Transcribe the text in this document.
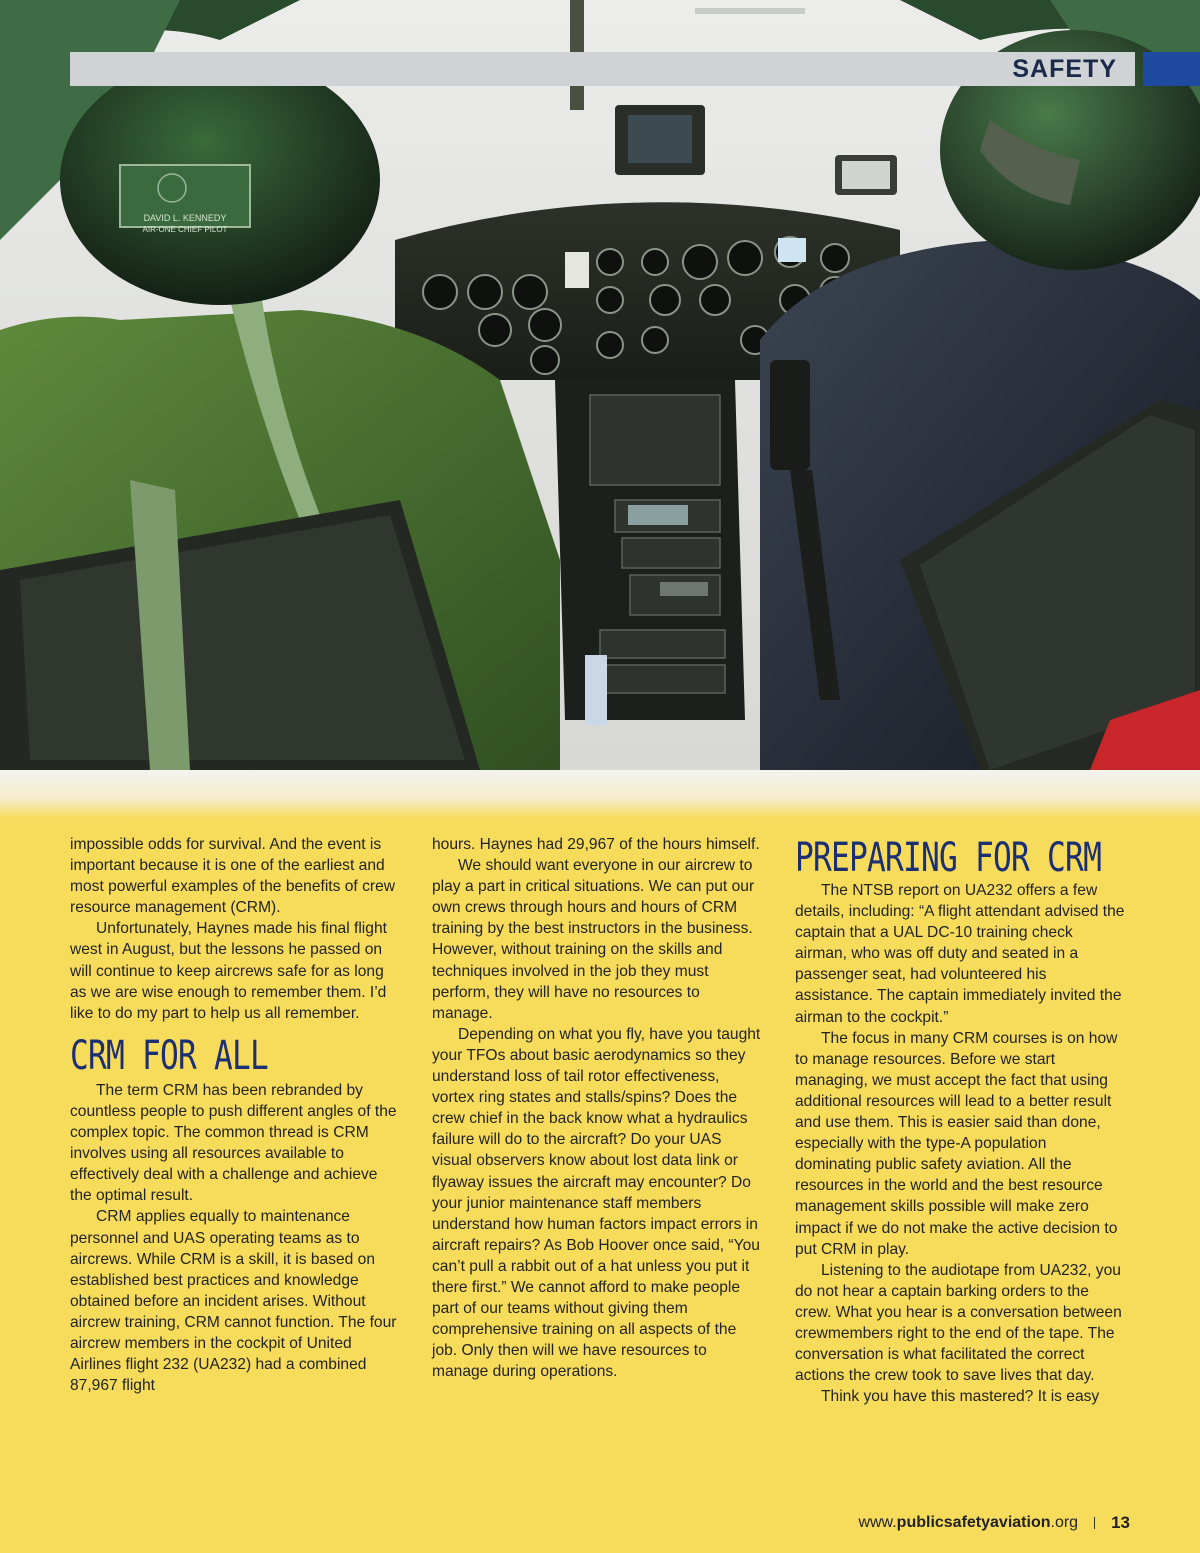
DAVID L. KENNEDY
AIR-ONE CHIEF PILOT
SAFETY

impossible odds for survival. And the event is important because it is one of the earliest and most powerful examples of the benefits of crew resource management (CRM).

Unfortunately, Haynes made his final flight west in August, but the lessons he passed on will continue to keep aircrews safe for as long as we are wise enough to remember them. I’d like to do my part to help us all remember.

CRM FOR ALL

The term CRM has been rebranded by countless people to push different angles of the complex topic. The common thread is CRM involves using all resources available to effectively deal with a challenge and achieve the optimal result.

CRM applies equally to maintenance personnel and UAS operating teams as to aircrews. While CRM is a skill, it is based on established best practices and knowledge obtained before an incident arises. Without aircrew training, CRM cannot function. The four aircrew members in the cockpit of United Airlines flight 232 (UA232) had a combined 87,967 flight

hours. Haynes had 29,967 of the hours himself.

We should want everyone in our aircrew to play a part in critical situations. We can put our own crews through hours and hours of CRM training by the best instructors in the business. However, without training on the skills and techniques involved in the job they must perform, they will have no resources to manage.

Depending on what you fly, have you taught your TFOs about basic aerodynamics so they understand loss of tail rotor effectiveness, vortex ring states and stalls/spins? Does the crew chief in the back know what a hydraulics failure will do to the aircraft? Do your UAS visual observers know about lost data link or flyaway issues the aircraft may encounter? Do your junior maintenance staff members understand how human factors impact errors in aircraft repairs? As Bob Hoover once said, “You can’t pull a rabbit out of a hat unless you put it there first.” We cannot afford to make people part of our teams without giving them comprehensive training on all aspects of the job. Only then will we have resources to manage during operations.

PREPARING FOR CRM

The NTSB report on UA232 offers a few details, including: “A flight attendant advised the captain that a UAL DC-10 training check airman, who was off duty and seated in a passenger seat, had volunteered his assistance. The captain immediately invited the airman to the cockpit.”

The focus in many CRM courses is on how to manage resources. Before we start managing, we must accept the fact that using additional resources will lead to a better result and use them. This is easier said than done, especially with the type-A population dominating public safety aviation. All the resources in the world and the best resource management skills possible will make zero impact if we do not make the active decision to put CRM in play.

Listening to the audiotape from UA232, you do not hear a captain barking orders to the crew. What you hear is a conversation between crewmembers right to the end of the tape. The conversation is what facilitated the correct actions the crew took to save lives that day.

Think you have this mastered? It is easy

www.publicsafetyaviation.org 13
